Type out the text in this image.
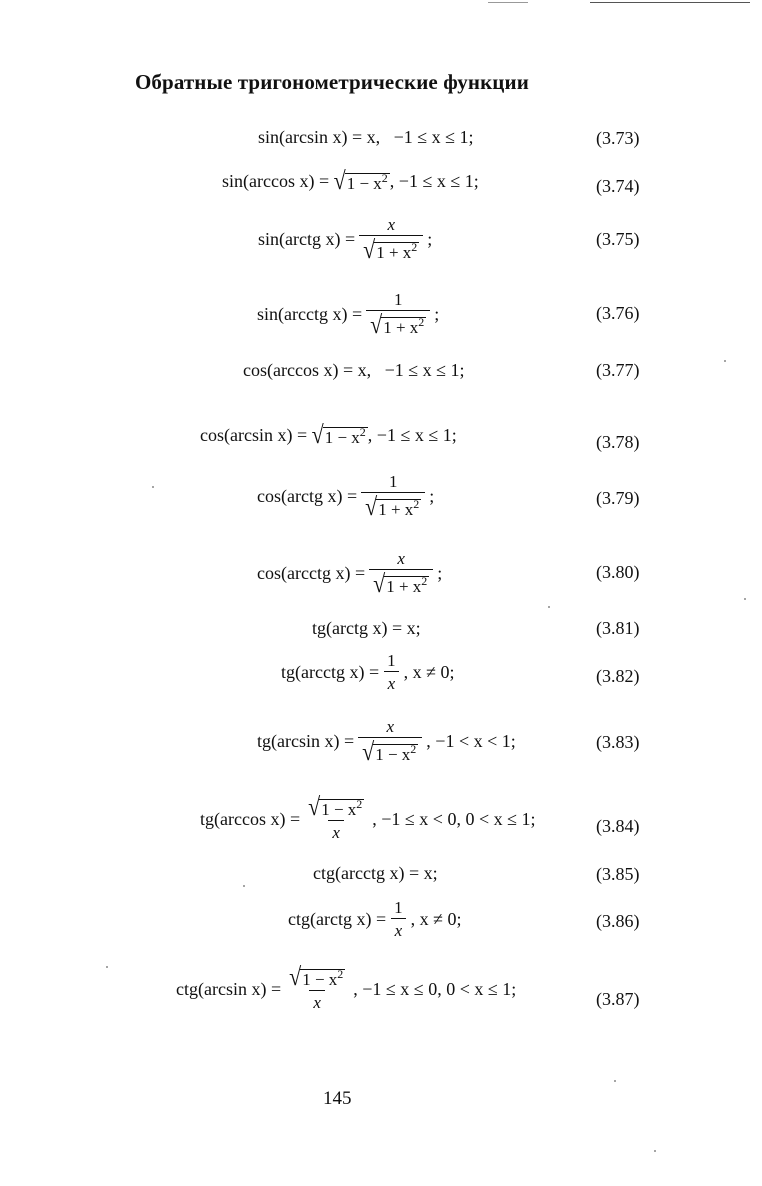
Обратные тригонометрические функции
sin(arcsin x) = x,
−1 ≤ x ≤ 1;	(3.73)
sin(arccos x) =
√ $1 - x^2$ , −1 ≤ x ≤ 1;	(3.74)
sin(arctg $x) = \frac{x}{√ 1 + x^2}$ ;	(3.75)
sin(arcctg $x) = \frac{1}{√ 1 + x^2}$ ;	(3.76)
cos(arccos x) = x,
−1 ≤ x ≤ 1;	(3.77)
cos(arcsin x) =
√ $1 - x^2$ , −1 ≤ x ≤ 1;	(3.78)
cos(arctg $x) = \frac{1}{√ 1 + x^2}$ ;	(3.79)
cos(arcctg $x) = \frac{x}{√ 1 + x^2}$ ;	(3.80)
tg(arctg x) = x;	(3.81)
tg(arcctg $x) = \frac{1}{x}$ , x ≠ 0;	(3.82)
tg(arcsin $x) = \frac{x}{√ 1 - x^2}$ , −1 < x < 1;	(3.83)
tg(arccos $x) = \frac{√ 1 - x^2}{x}$ , −1 ≤ x < 0, 0 < x ≤ 1;	(3.84)
ctg(arcctg x) = x;	(3.85)
ctg(arctg $x) = \frac{1}{x}$ , x ≠ 0;	(3.86)
ctg(arcsin $x) = \frac{√ 1 - x^2}{x}$ , −1 ≤ x ≤ 0, 0 < x ≤ 1;
(3.87)
145
